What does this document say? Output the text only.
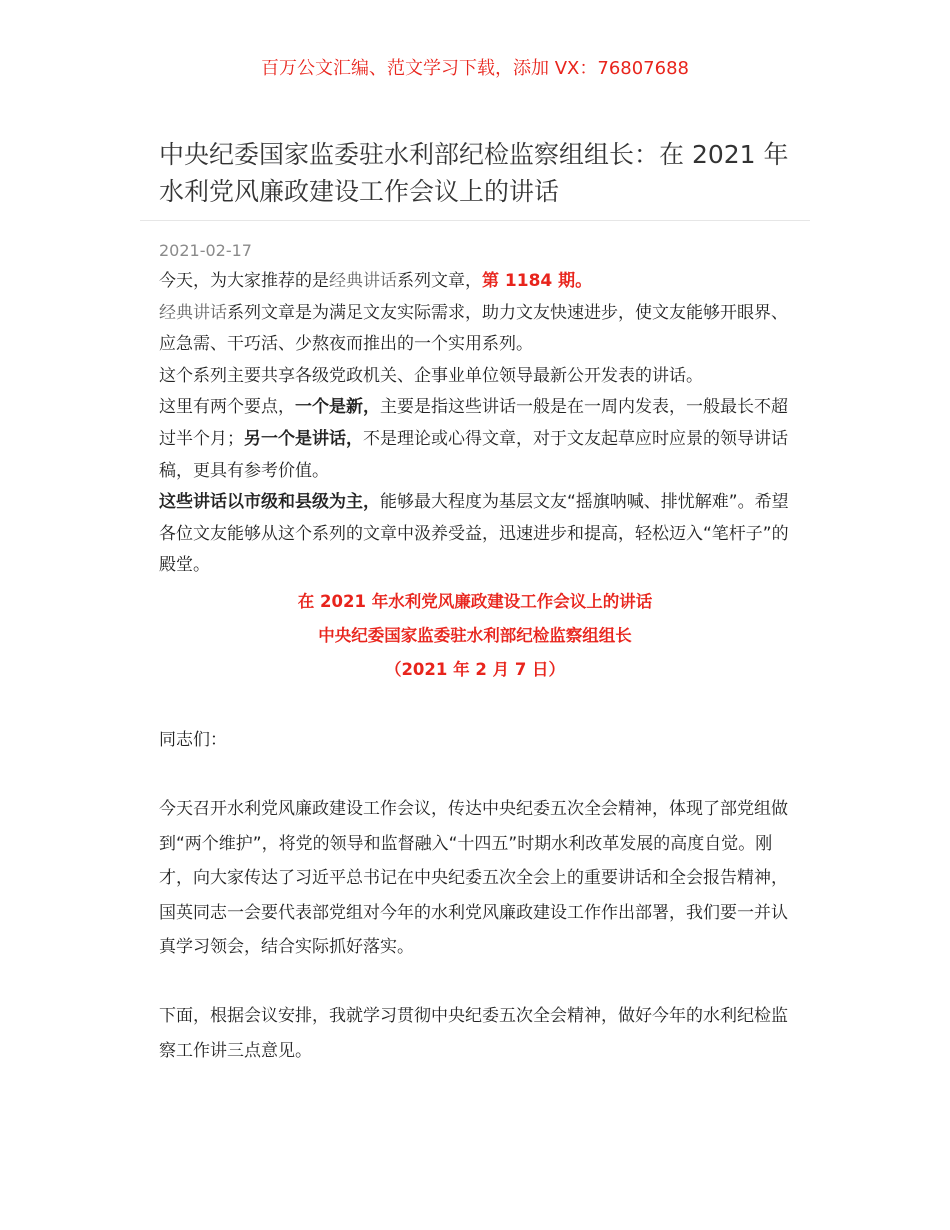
百万公文汇编、范文学习下载，添加 VX：76807688
中央纪委国家监委驻水利部纪检监察组组长：在 2021 年水利党风廉政建设工作会议上的讲话
2021-02-17

今天，为大家推荐的是经典讲话系列文章，第 1184 期。

经典讲话系列文章是为满足文友实际需求，助力文友快速进步，使文友能够开眼界、应急需、干巧活、少熬夜而推出的一个实用系列。

这个系列主要共享各级党政机关、企事业单位领导最新公开发表的讲话。

这里有两个要点，一个是新，主要是指这些讲话一般是在一周内发表，一般最长不超过半个月；另一个是讲话，不是理论或心得文章，对于文友起草应时应景的领导讲话稿，更具有参考价值。

这些讲话以市级和县级为主，能够最大程度为基层文友“摇旗呐喊、排忧解难”。希望各位文友能够从这个系列的文章中汲养受益，迅速进步和提高，轻松迈入“笔杆子”的殿堂。

在 2021 年水利党风廉政建设工作会议上的讲话
中央纪委国家监委驻水利部纪检监察组组长
（2021 年 2 月 7 日）
同志们：
今天召开水利党风廉政建设工作会议，传达中央纪委五次全会精神，体现了部党组做到“两个维护”，将党的领导和监督融入“十四五”时期水利改革发展的高度自觉。刚才，向大家传达了习近平总书记在中央纪委五次全会上的重要讲话和全会报告精神，国英同志一会要代表部党组对今年的水利党风廉政建设工作作出部署，我们要一并认真学习领会，结合实际抓好落实。
下面，根据会议安排，我就学习贯彻中央纪委五次全会精神，做好今年的水利纪检监察工作讲三点意见。
